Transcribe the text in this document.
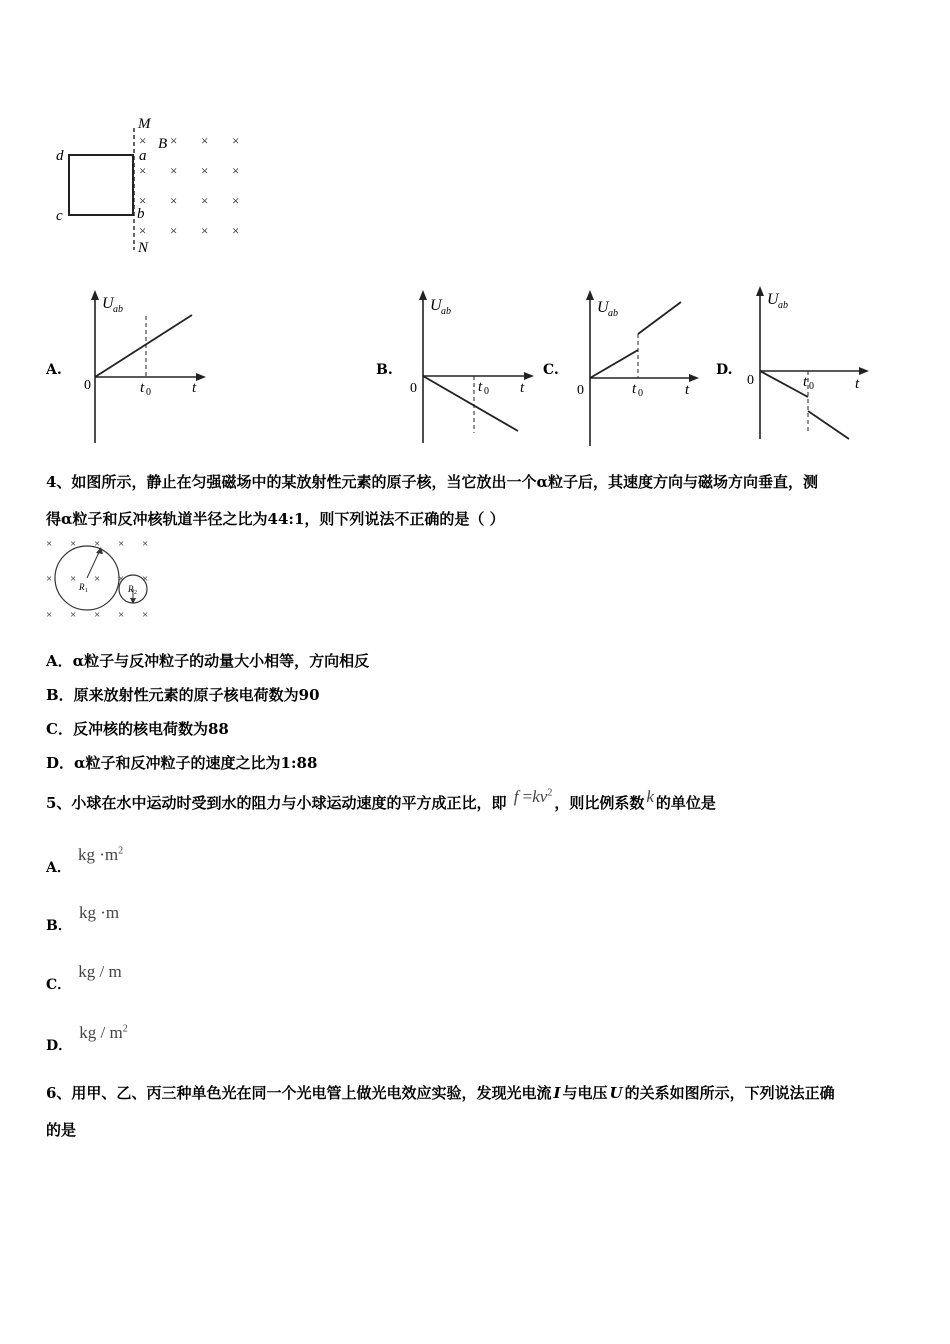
M
N
a
b
c
d
B
× × × ×
× × × ×
× × × ×
× × × ×
A.
U ab
0	t 0	t
B.
U ab
0	t 0 t
C.
U ab
0	t 0	t
D.
U ab
0	t 0	t
4、如图所示，静止在匀强磁场中的某放射性元素的原子核，当它放出一个α粒子后，其速度方向与磁场方向垂直，测
得α粒子和反冲核轨道半径之比为44:1，则下列说法不正确的是（ ）
× × × × ×
× × × × ×
× × × × ×
R 1	R 2
A．α粒子与反冲粒子的动量大小相等，方向相反
B．原来放射性元素的原子核电荷数为90
C．反冲核的核电荷数为88
D．α粒子和反冲粒子的速度之比为1:88
5、小球在水中运动时受到水的阻力与小球运动速度的平方成正比，即 $f =kv^2$，则比例系数 k 的单位是
A． kg $\cdot m^2$
B． kg ·m
C． kg / m
D． kg / $m^2$
6、用甲、乙、丙三种单色光在同一个光电管上做光电效应实验，发现光电流 I 与电压 U 的关系如图所示，下列说法正确
的是
